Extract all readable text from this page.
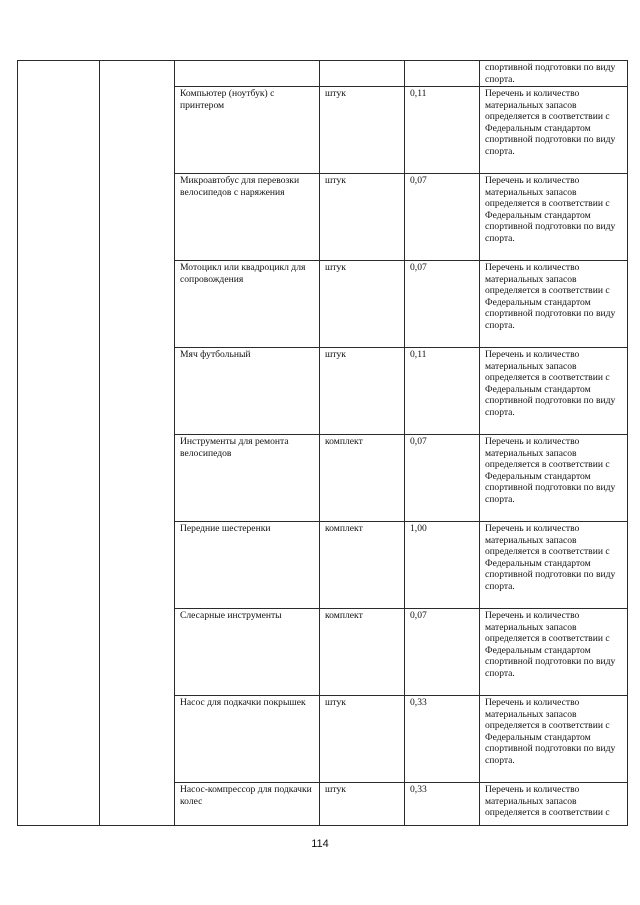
					спортивной подготовки по виду спорта.
		Компьютер (ноутбук) с принтером	штук	0,11	Перечень и количество материальных запасов определяется в соответствии с Федеральным стандартом спортивной подготовки по виду спорта.
		Микроавтобус для перевозки велосипедов с наряжения	штук	0,07	Перечень и количество материальных запасов определяется в соответствии с Федеральным стандартом спортивной подготовки по виду спорта.
		Мотоцикл или квадроцикл для сопровождения	штук	0,07	Перечень и количество материальных запасов определяется в соответствии с Федеральным стандартом спортивной подготовки по виду спорта.
		Мяч футбольный	штук	0,11	Перечень и количество материальных запасов определяется в соответствии с Федеральным стандартом спортивной подготовки по виду спорта.
		Инструменты для ремонта велосипедов	комплект	0,07	Перечень и количество материальных запасов определяется в соответствии с Федеральным стандартом спортивной подготовки по виду спорта.
		Передние шестеренки	комплект	1,00	Перечень и количество материальных запасов определяется в соответствии с Федеральным стандартом спортивной подготовки по виду спорта.
		Слесарные инструменты	комплект	0,07	Перечень и количество материальных запасов определяется в соответствии с Федеральным стандартом спортивной подготовки по виду спорта.
		Насос для подкачки покрышек	штук	0,33	Перечень и количество материальных запасов определяется в соответствии с Федеральным стандартом спортивной подготовки по виду спорта.
		Насос-компрессор для подкачки колес	штук	0,33	Перечень и количество материальных запасов определяется в соответствии с
114
